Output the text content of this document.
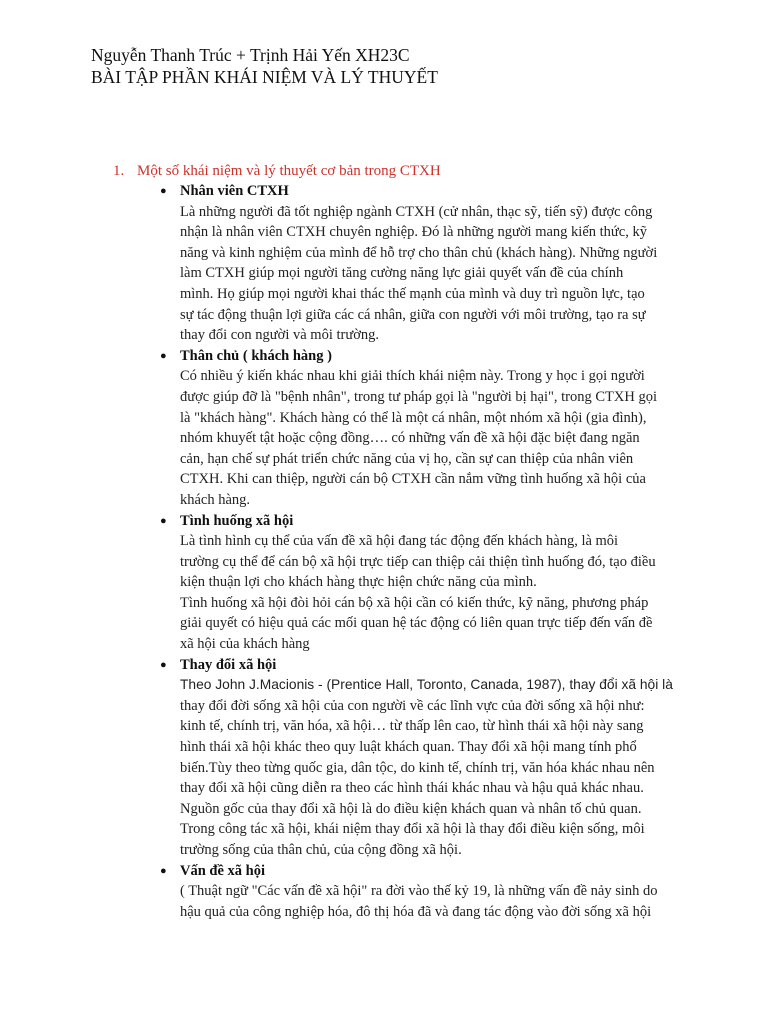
Nguyễn Thanh Trúc + Trịnh Hải Yến XH23C
BÀI TẬP PHẦN KHÁI NIỆM VÀ LÝ THUYẾT
1. Một số khái niệm và lý thuyết cơ bản trong CTXH
● Nhân viên CTXH
Là những người đã tốt nghiệp ngành CTXH (cử nhân, thạc sỹ, tiến sỹ) được công
nhận là nhân viên CTXH chuyên nghiệp. Đó là những người mang kiến thức, kỹ
năng và kinh nghiệm của mình để hỗ trợ cho thân chủ (khách hàng). Những người
làm CTXH giúp mọi người tăng cường năng lực giải quyết vấn đề của chính
mình. Họ giúp mọi người khai thác thế mạnh của mình và duy trì nguồn lực, tạo
sự tác động thuận lợi giữa các cá nhân, giữa con người với môi trường, tạo ra sự
thay đổi con người và môi trường.
● Thân chủ ( khách hàng )
Có nhiều ý kiến khác nhau khi giải thích khái niệm này. Trong y học i gọi người
được giúp đỡ là "bệnh nhân", trong tư pháp gọi là "người bị hại", trong CTXH gọi
là "khách hàng". Khách hàng có thể là một cá nhân, một nhóm xã hội (gia đình),
nhóm khuyết tật hoặc cộng đồng…. có những vấn đề xã hội đặc biệt đang ngăn
cản, hạn chế sự phát triển chức năng của vị họ, cần sự can thiệp của nhân viên
CTXH. Khi can thiệp, người cán bộ CTXH cần nắm vững tình huống xã hội của
khách hàng.
● Tình huống xã hội
Là tình hình cụ thể của vấn đề xã hội đang tác động đến khách hàng, là môi
trường cụ thể để cán bộ xã hội trực tiếp can thiệp cải thiện tình huống đó, tạo điều
kiện thuận lợi cho khách hàng thực hiện chức năng của mình.
Tình huống xã hội đòi hỏi cán bộ xã hội cần có kiến thức, kỹ năng, phương pháp
giải quyết có hiệu quả các mối quan hệ tác động có liên quan trực tiếp đến vấn đề
xã hội của khách hàng
● Thay đổi xã hội
Theo John J.Macionis - (Prentice Hall, Toronto, Canada, 1987), thay đổi xã hội là
thay đổi đời sống xã hội của con người về các lĩnh vực của đời sống xã hội như:
kinh tế, chính trị, văn hóa, xã hội… từ thấp lên cao, từ hình thái xã hội này sang
hình thái xã hội khác theo quy luật khách quan. Thay đổi xã hội mang tính phổ
biến.Tùy theo từng quốc gia, dân tộc, do kinh tế, chính trị, văn hóa khác nhau nên
thay đổi xã hội cũng diễn ra theo các hình thái khác nhau và hậu quả khác nhau.
Nguồn gốc của thay đổi xã hội là do điều kiện khách quan và nhân tố chủ quan.
Trong công tác xã hội, khái niệm thay đổi xã hội là thay đổi điều kiện sống, môi
trường sống của thân chủ, của cộng đồng xã hội.
● Vấn đề xã hội
( Thuật ngữ "Các vấn đề xã hội" ra đời vào thế kỷ 19, là những vấn đề nảy sinh do
hậu quả của công nghiệp hóa, đô thị hóa đã và đang tác động vào đời sống xã hội
